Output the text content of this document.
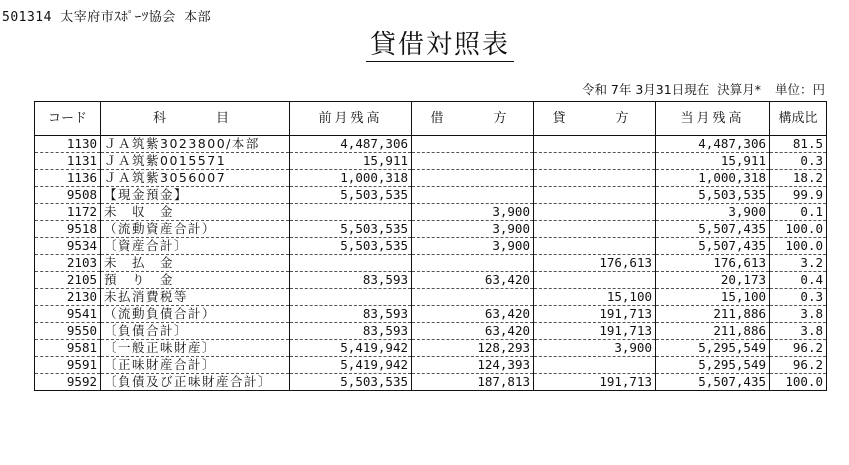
501314 太宰府市ｽﾎﾟｰﾂ協会 本部
貸借対照表
令和 7年 3月31日現在 決算月* 単位：円
コード	科　　目	前月残高	借　　方	貸　　方	当月残高	構成比
1130	ＪＡ筑紫3023800/本部	4,487,306			4,487,306	81.5
1131	ＪＡ筑紫0015571	15,911			15,911	0.3
1136	ＪＡ筑紫3056007	1,000,318			1,000,318	18.2
9508	【現金預金】	5,503,535			5,503,535	99.9
1172	未　収　金		3,900		3,900	0.1
9518	（流動資産合計）	5,503,535	3,900		5,507,435	100.0
9534	〔資産合計〕	5,503,535	3,900		5,507,435	100.0
2103	未　払　金			176,613	176,613	3.2
2105	預　り　金	83,593	63,420		20,173	0.4
2130	未払消費税等			15,100	15,100	0.3
9541	（流動負債合計）	83,593	63,420	191,713	211,886	3.8
9550	〔負債合計〕	83,593	63,420	191,713	211,886	3.8
9581	〔一般正味財産〕	5,419,942	128,293	3,900	5,295,549	96.2
9591	〔正味財産合計〕	5,419,942	124,393		5,295,549	96.2
9592	〔負債及び正味財産合計〕	5,503,535	187,813	191,713	5,507,435	100.0
